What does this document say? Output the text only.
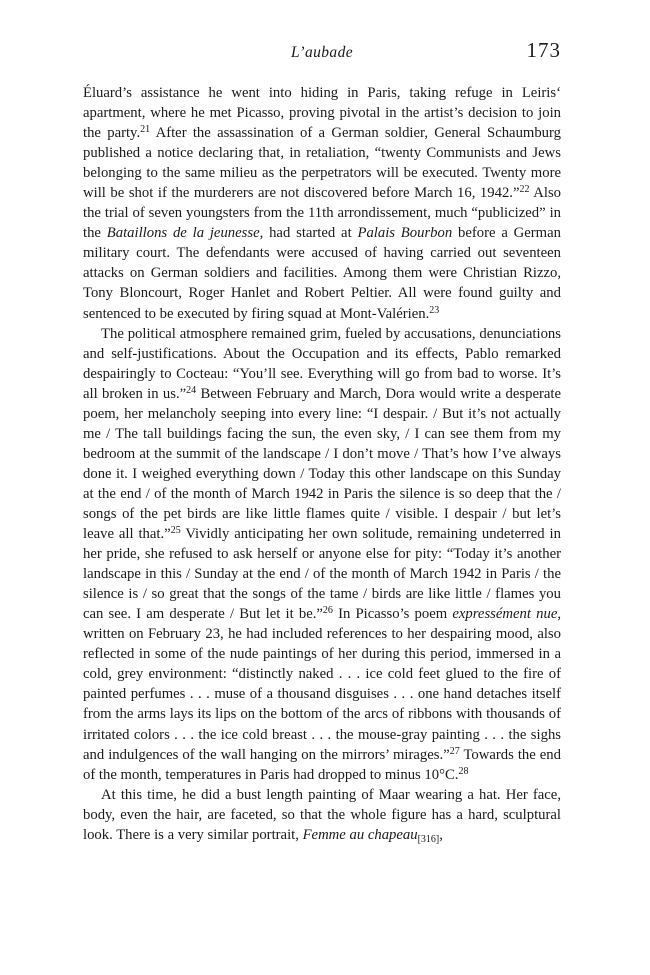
L’aubade	173

Éluard’s assistance he went into hiding in Paris, taking refuge in Leiris‘ apartment, where he met Picasso, proving pivotal in the artist’s decision to join the party.$^{21}$ After the assassination of a German soldier, General Schaumburg published a notice declaring that, in retaliation, “twenty Communists and Jews belonging to the same milieu as the perpetrators will be executed. Twenty more will be shot if the murderers are not discovered before March 16, 1942.”$^{22}$ Also the trial of seven youngsters from the 11th arrondissement, much “publicized” in the Bataillons de la jeunesse, had started at Palais Bourbon before a German military court. The defendants were accused of having carried out seventeen attacks on German soldiers and facilities. Among them were Christian Rizzo, Tony Bloncourt, Roger Hanlet and Robert Peltier. All were found guilty and sentenced to be executed by firing squad at Mont-Valérien.$^{23}$

The political atmosphere remained grim, fueled by accusations, denunciations and self-justifications. About the Occupation and its effects, Pablo remarked despairingly to Cocteau: “You’ll see. Everything will go from bad to worse. It’s all broken in us.”$^{24}$ Between February and March, Dora would write a desperate poem, her melancholy seeping into every line: “I despair. / But it’s not actually me / The tall buildings facing the sun, the even sky, / I can see them from my bedroom at the summit of the landscape / I don’t move / That’s how I’ve always done it. I weighed everything down / Today this other landscape on this Sunday at the end / of the month of March 1942 in Paris the silence is so deep that the / songs of the pet birds are like little flames quite / visible. I despair / but let’s leave all that.”$^{25}$ Vividly anticipating her own solitude, remaining undeterred in her pride, she refused to ask herself or anyone else for pity: “Today it’s another landscape in this / Sunday at the end / of the month of March 1942 in Paris / the silence is / so great that the songs of the tame / birds are like little / flames you can see. I am desperate / But let it be.”$^{26}$ In Picasso’s poem expressément nue, written on February 23, he had included references to her despairing mood, also reflected in some of the nude paintings of her during this period, immersed in a cold, grey environment: “distinctly naked . . . ice cold feet glued to the fire of painted perfumes . . . muse of a thousand disguises . . . one hand detaches itself from the arms lays its lips on the bottom of the arcs of ribbons with thousands of irritated colors . . . the ice cold breast . . . the mouse-gray painting . . . the sighs and indulgences of the wall hanging on the mirrors’ mirages.”$^{27}$ Towards the end of the month, temperatures in Paris had dropped to minus 10°C.$^{28}$

At this time, he did a bust length painting of Maar wearing a hat. Her face, body, even the hair, are faceted, so that the whole figure has a hard, sculptural look. There is a very similar portrait, Femme au chapeau$_{[316]}$,
